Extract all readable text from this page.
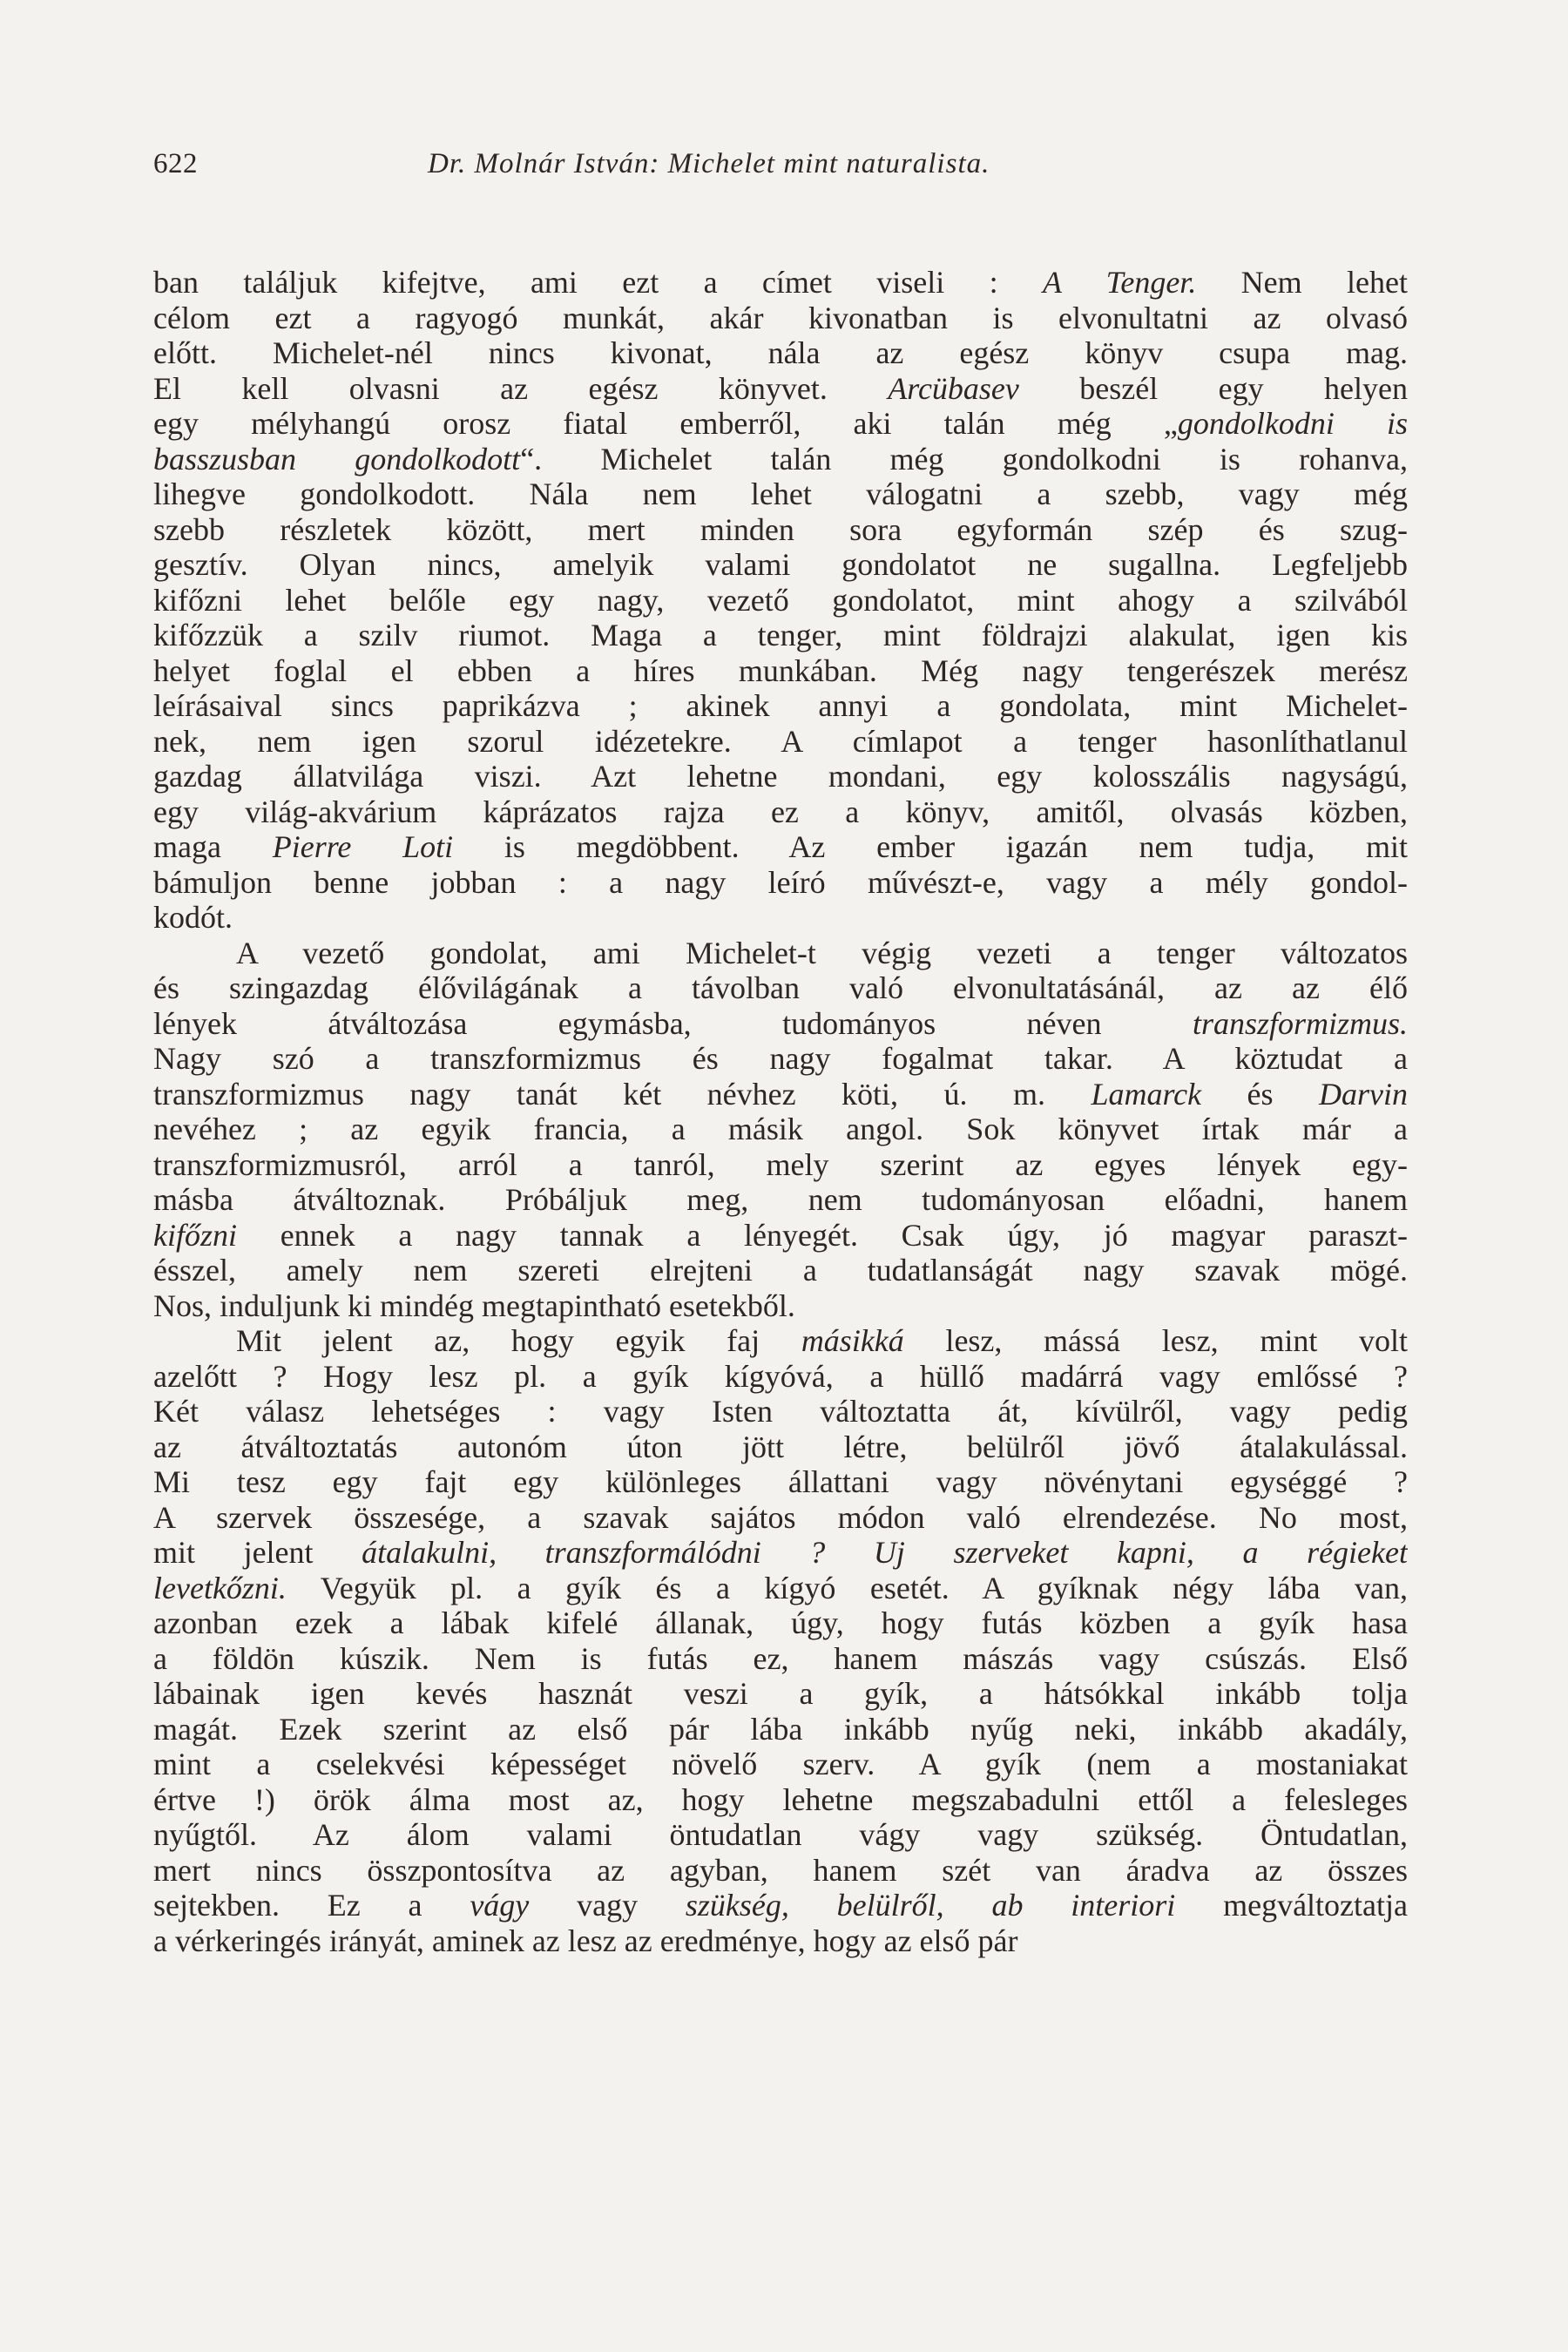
622	Dr. Molnár István: Michelet mint naturalista.
ban találjuk kifejtve, ami ezt a címet viseli : A Tenger. Nem lehet
célom ezt a ragyogó munkát, akár kivonatban is elvonultatni az olvasó
előtt. Michelet-nél nincs kivonat, nála az egész könyv csupa mag.
El kell olvasni az egész könyvet. Arcübasev beszél egy helyen
egy mélyhangú orosz fiatal emberről, aki talán még „gondolkodni is
basszusban gondolkodott“. Michelet talán még gondolkodni is rohanva,
lihegve gondolkodott. Nála nem lehet válogatni a szebb, vagy még
szebb részletek között, mert minden sora egyformán szép és szug-
gesztív. Olyan nincs, amelyik valami gondolatot ne sugallna. Legfeljebb
kifőzni lehet belőle egy nagy, vezető gondolatot, mint ahogy a szilvából
kifőzzük a szilv riumot. Maga a tenger, mint földrajzi alakulat, igen kis
helyet foglal el ebben a híres munkában. Még nagy tengerészek merész
leírásaival sincs paprikázva ; akinek annyi a gondolata, mint Michelet-
nek, nem igen szorul idézetekre. A címlapot a tenger hasonlíthatlanul
gazdag állatvilága viszi. Azt lehetne mondani, egy kolosszális nagyságú,
egy világ-akvárium káprázatos rajza ez a könyv, amitől, olvasás közben,
maga Pierre Loti is megdöbbent. Az ember igazán nem tudja, mit
bámuljon benne jobban : a nagy leíró művészt-e, vagy a mély gondol-
kodót.
A vezető gondolat, ami Michelet-t végig vezeti a tenger változatos
és szingazdag élővilágának a távolban való elvonultatásánál, az az élő
lények átváltozása egymásba, tudományos néven transzformizmus.
Nagy szó a transzformizmus és nagy fogalmat takar. A köztudat a
transzformizmus nagy tanát két névhez köti, ú. m. Lamarck és Darvin
nevéhez ; az egyik francia, a másik angol. Sok könyvet írtak már a
transzformizmusról, arról a tanról, mely szerint az egyes lények egy-
másba átváltoznak. Próbáljuk meg, nem tudományosan előadni, hanem
kifőzni ennek a nagy tannak a lényegét. Csak úgy, jó magyar paraszt-
ésszel, amely nem szereti elrejteni a tudatlanságát nagy szavak mögé.
Nos, induljunk ki mindég megtapintható esetekből.
Mit jelent az, hogy egyik faj másikká lesz, mássá lesz, mint volt
azelőtt ? Hogy lesz pl. a gyík kígyóvá, a hüllő madárrá vagy emlőssé ?
Két válasz lehetséges : vagy Isten változtatta át, kívülről, vagy pedig
az átváltoztatás autonóm úton jött létre, belülről jövő átalakulással.
Mi tesz egy fajt egy különleges állattani vagy növénytani egységgé ?
A szervek összesége, a szavak sajátos módon való elrendezése. No most,
mit jelent átalakulni, transzformálódni ? Uj szerveket kapni, a régieket
levetkőzni. Vegyük pl. a gyík és a kígyó esetét. A gyíknak négy lába van,
azonban ezek a lábak kifelé állanak, úgy, hogy futás közben a gyík hasa
a földön kúszik. Nem is futás ez, hanem mászás vagy csúszás. Első
lábainak igen kevés hasznát veszi a gyík, a hátsókkal inkább tolja
magát. Ezek szerint az első pár lába inkább nyűg neki, inkább akadály,
mint a cselekvési képességet növelő szerv. A gyík (nem a mostaniakat
értve !) örök álma most az, hogy lehetne megszabadulni ettől a felesleges
nyűgtől. Az álom valami öntudatlan vágy vagy szükség. Öntudatlan,
mert nincs összpontosítva az agyban, hanem szét van áradva az összes
sejtekben. Ez a vágy vagy szükség, belülről, ab interiori megváltoztatja
a vérkeringés irányát, aminek az lesz az eredménye, hogy az első pár
